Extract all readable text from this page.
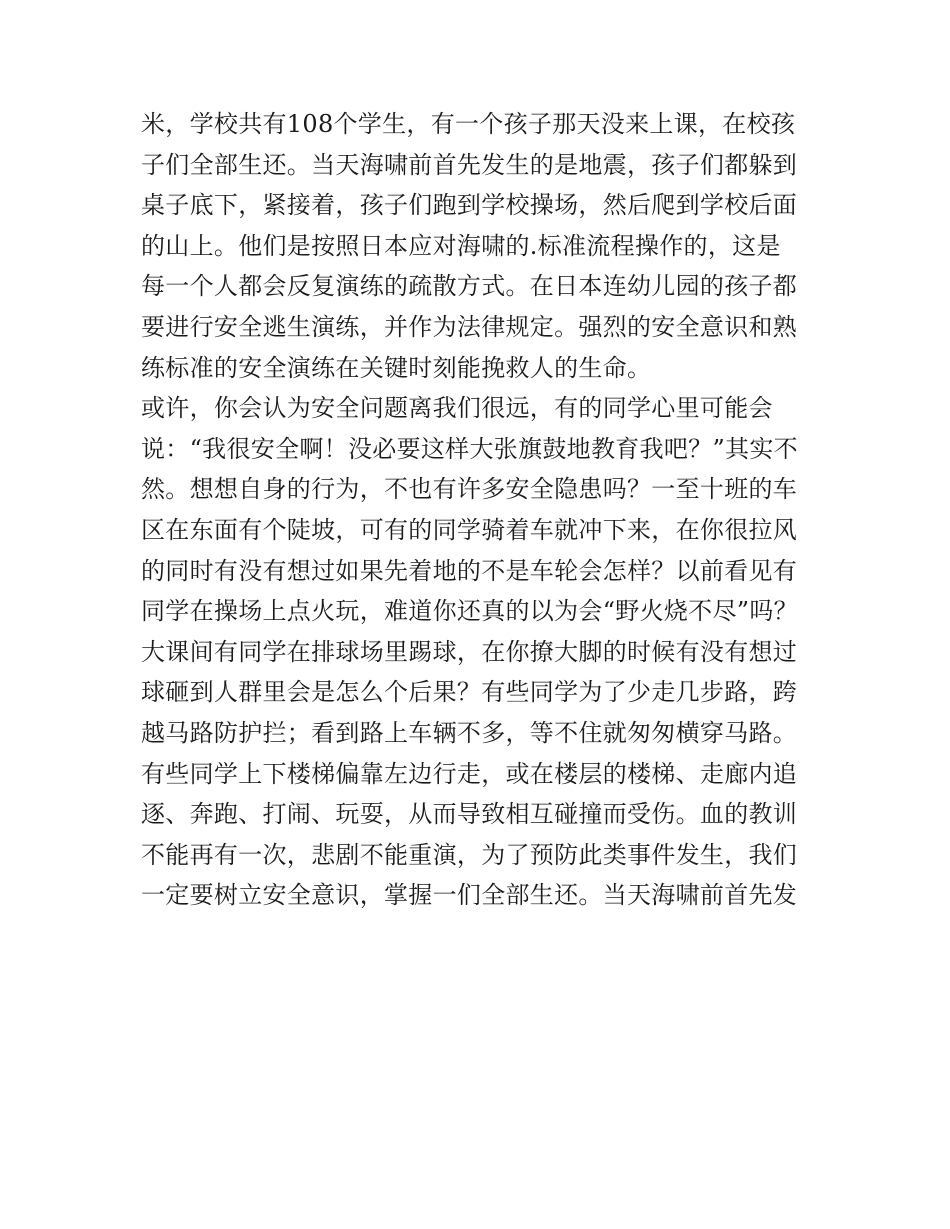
米，学校共有108个学生，有一个孩子那天没来上课，在校孩
子们全部生还。当天海啸前首先发生的是地震，孩子们都躲到
桌子底下，紧接着，孩子们跑到学校操场，然后爬到学校后面
的山上。他们是按照日本应对海啸的.标准流程操作的，这是
每一个人都会反复演练的疏散方式。在日本连幼儿园的孩子都
要进行安全逃生演练，并作为法律规定。强烈的安全意识和熟
练标准的安全演练在关键时刻能挽救人的生命。
或许，你会认为安全问题离我们很远，有的同学心里可能会
说：“我很安全啊！没必要这样大张旗鼓地教育我吧？”其实不
然。想想自身的行为，不也有许多安全隐患吗？一至十班的车
区在东面有个陡坡，可有的同学骑着车就冲下来，在你很拉风
的同时有没有想过如果先着地的不是车轮会怎样？以前看见有
同学在操场上点火玩，难道你还真的以为会“野火烧不尽”吗？
大课间有同学在排球场里踢球，在你撩大脚的时候有没有想过
球砸到人群里会是怎么个后果？有些同学为了少走几步路，跨
越马路防护拦；看到路上车辆不多，等不住就匆匆横穿马路。
有些同学上下楼梯偏靠左边行走，或在楼层的楼梯、走廊内追
逐、奔跑、打闹、玩耍，从而导致相互碰撞而受伤。血的教训
不能再有一次，悲剧不能重演，为了预防此类事件发生，我们
一定要树立安全意识，掌握一们全部生还。当天海啸前首先发
